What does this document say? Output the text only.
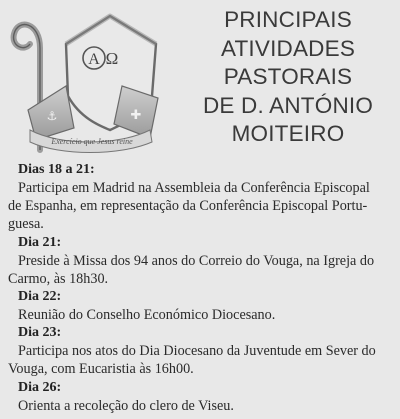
A Ω
⚓	✚
Exercício que Jesus reine
PRINCIPAIS
ATIVIDADES
PASTORAIS
DE D. ANTÓNIO
MOITEIRO
Dias 18 a 21:
Participa em Madrid na Assembleia da Conferência Episcopal
de Espanha, em representação da Conferência Episcopal Portu-
guesa.
Dia 21:
Preside à Missa dos 94 anos do Correio do Vouga, na Igreja do
Carmo, às 18h30.
Dia 22:
Reunião do Conselho Económico Diocesano.
Dia 23:
Participa nos atos do Dia Diocesano da Juventude em Sever do
Vouga, com Eucaristia às 16h00.
Dia 26:
Orienta a recoleção do clero de Viseu.
